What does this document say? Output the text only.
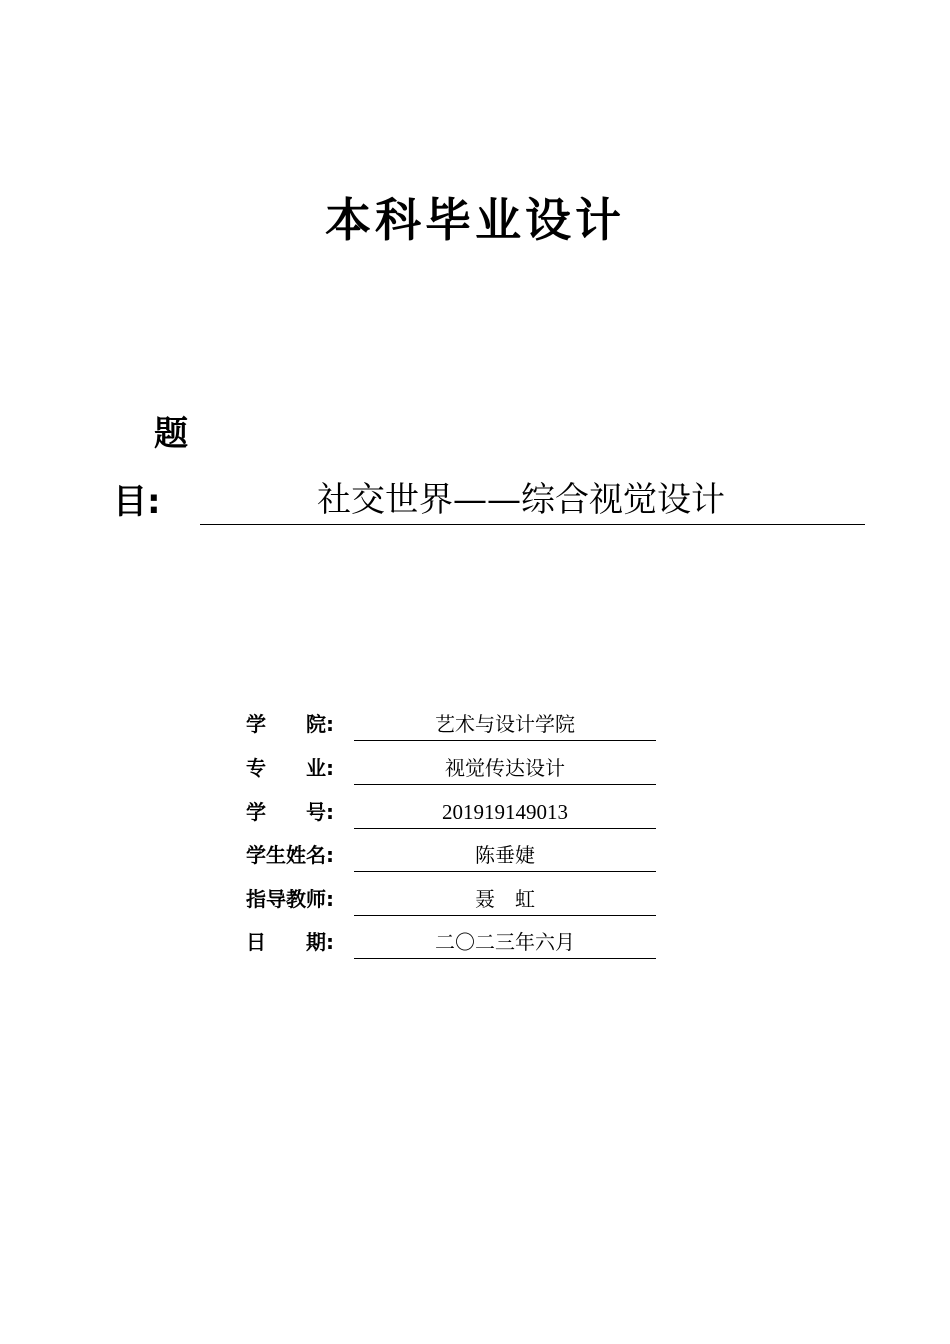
本科毕业设计
题
目:	社交世界——综合视觉设计
学　　院:	艺术与设计学院
专　　业:	视觉传达设计
学　　号:	201919149013
学生姓名:	陈垂婕
指导教师:	聂　虹
日　　期:	二〇二三年六月
